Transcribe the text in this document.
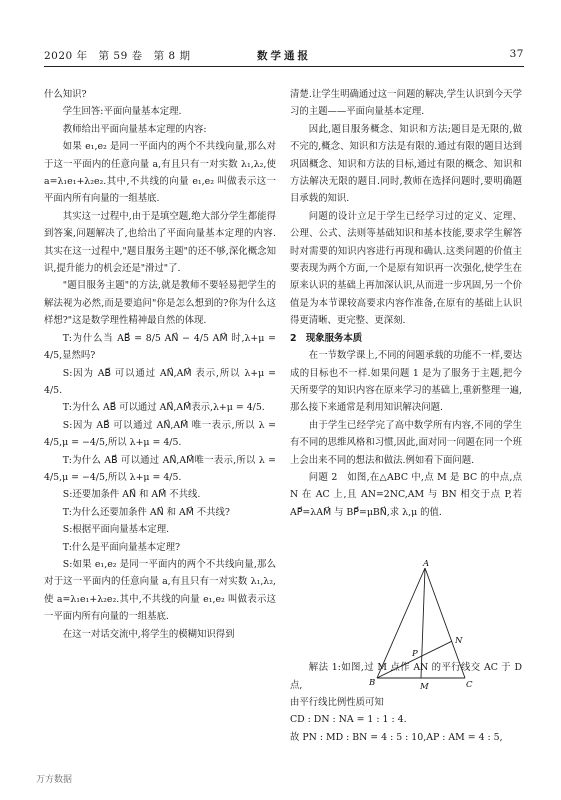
2020 年　第 59 卷　第 8 期	数学通报	37

什么知识?

学生回答:平面向量基本定理.

教师给出平面向量基本定理的内容:

如果 e₁,e₂ 是同一平面内的两个不共线向量,那么对于这一平面内的任意向量 a,有且只有一对实数 λ₁,λ₂,使 a=λ₁e₁+λ₂e₂.其中,不共线的向量 e₁,e₂ 叫做表示这一平面内所有向量的一组基底.

其实这一过程中,由于是填空题,绝大部分学生都能得到答案,问题解决了,也给出了平面向量基本定理的内容.其实在这一过程中,"题目服务主题"的还不够,深化概念知识,提升能力的机会还是"滑过"了.

"题目服务主题"的方法,就是教师不要轻易把学生的解法视为必然,而是要追问"你是怎么想到的?你为什么这样想?"这是数学理性精神最自然的体现.

T:为什么当 AB⃗ = 8/5 AN⃗ − 4/5 AM⃗ 时,λ+μ = 4/5,显然吗?

S:因为 AB⃗ 可以通过 AN⃗,AM⃗ 表示,所以 λ+μ = 4/5.

T:为什么 AB⃗ 可以通过 AN⃗,AM⃗表示,λ+μ = 4/5.

S:因为 AB⃗ 可以通过 AN⃗,AM⃗ 唯一表示,所以 λ = 4/5,μ = −4/5,所以 λ+μ = 4/5.

T:为什么 AB⃗ 可以通过 AN⃗,AM⃗唯一表示,所以 λ = 4/5,μ = −4/5,所以 λ+μ = 4/5.

S:还要加条件 AN⃗ 和 AM⃗ 不共线.

T:为什么还要加条件 AN⃗ 和 AM⃗ 不共线?

S:根据平面向量基本定理.

T:什么是平面向量基本定理?

S:如果 e₁,e₂ 是同一平面内的两个不共线向量,那么对于这一平面内的任意向量 a,有且只有一对实数 λ₁,λ₂,使 a=λ₁e₁+λ₂e₂.其中,不共线的向量 e₁,e₂ 叫做表示这一平面内所有向量的一组基底.

在这一对话交流中,将学生的模糊知识得到

清楚.让学生明确通过这一问题的解决,学生认识到今天学习的主题——平面向量基本定理.

因此,题目服务概念、知识和方法;题目是无限的,做不完的,概念、知识和方法是有限的.通过有限的题目达到巩固概念、知识和方法的目标,通过有限的概念、知识和方法解决无限的题目.同时,教师在选择问题时,要明确题目承载的知识.

问题的设计立足于学生已经学习过的定义、定理、公理、公式、法则等基础知识和基本技能,要求学生解答时对需要的知识内容进行再现和确认.这类问题的价值主要表现为两个方面,一个是原有知识再一次强化,使学生在原来认识的基础上再加深认识,从而进一步巩固,另一个价值是为本节课较高要求内容作准备,在原有的基础上认识得更清晰、更完整、更深刻.

2　现象服务本质

在一节数学课上,不同的问题承载的功能不一样,要达成的目标也不一样.如果问题 1 是为了服务于主题,把今天所要学的知识内容在原来学习的基础上,重新整理一遍,那么接下来通常是利用知识解决问题.

由于学生已经学完了高中数学所有内容,不同的学生有不同的思维风格和习惯,因此,面对同一问题在同一个班上会出来不同的想法和做法.例如看下面问题.

问题 2　如图,在△ABC 中,点 M 是 BC 的中点,点 N 在 AC 上,且 AN=2NC,AM 与 BN 相交于点 P,若 AP⃗=λAM⃗ 与 BP⃗=μBN⃗,求 λ,μ 的值.

解法 1:如图,过 M 点作 AN 的平行线交 AC 于 D 点,

由平行线比例性质可知

CD : DN : NA = 1 : 1 : 4.

故 PN : MD : BN = 4 : 5 : 10,AP : AM = 4 : 5,

A
B	C
M
N
P
万方数据
